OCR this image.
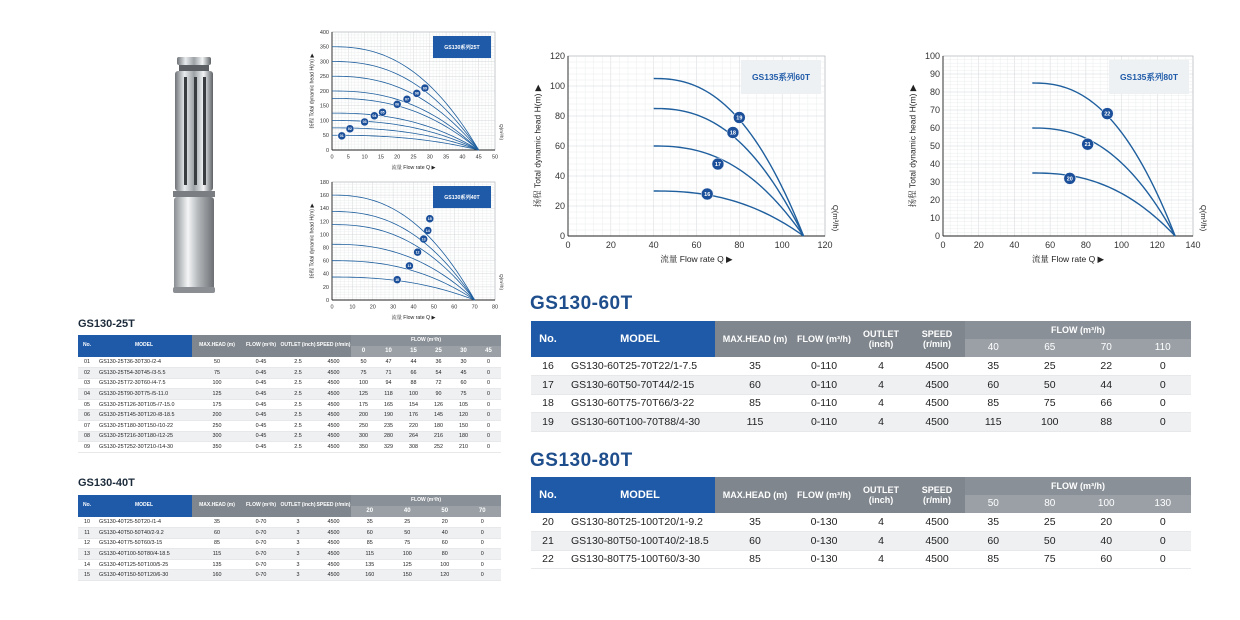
0 5 10 15 20 25 30 35 40 45 50
0
50
100
150
200
250
300
350
400
流量 Flow rate Q ▶
扬程 Total dynamic head H(m) ▶
Q(m³/h)
GS130系列25T
01
02
03
04
05
06
07
08
09
0	10	20	30	40	50	60	70	80
0
20
40
60
80
100
120
140
160
180
流量 Flow rate Q ▶
扬程 Total dynamic head H(m) ▶
Q(m³/h)
GS130系列40T
10
11
12
13
14
15
0	20	40	60	80	100	120
0
20
40
60
80
100
120
流量 Flow rate Q ▶
扬程 Total dynamic head H(m) ▶
Q(m³/h)
GS135系列60T
16
17
18
19
0	20	40	60	80	100 120 140
0
10
20
30
40
50
60
70
80
90
100
流量 Flow rate Q ▶
扬程 Total dynamic head H(m) ▶
Q(m³/h)
GS135系列80T
20
21
22
GS130-25T
GS130-40T
GS130-60T
GS130-80T
No.	MODEL	MAX.HEAD (m)	FLOW (m³/h)	OUTLET (inch)	SPEED (r/min)	FLOW (m³/h)					
						0	10	15	25	30	45
01	GS130-25T36-30T30-/2-4	50	0-45	2.5	4500	50	47	44	36	30	0
02	GS130-25T54-30T45-/3-5.5	75	0-45	2.5	4500	75	71	66	54	45	0
03	GS130-25T72-30T60-/4-7.5	100	0-45	2.5	4500	100	94	88	72	60	0
04	GS130-25T90-30T75-/5-11.0	125	0-45	2.5	4500	125	118	100	90	75	0
05	GS130-25T126-30T105-/7-15.0	175	0-45	2.5	4500	175	165	154	126	105	0
06	GS130-25T145-30T120-/8-18.5	200	0-45	2.5	4500	200	190	176	145	120	0
07	GS130-25T180-30T150-/10-22	250	0-45	2.5	4500	250	235	220	180	150	0
08	GS130-25T216-30T180-/12-25	300	0-45	2.5	4500	300	280	264	216	180	0
09	GS130-25T252-30T210-/14-30	350	0-45	2.5	4500	350	329	308	252	210	0
No.	MODEL	MAX.HEAD (m)	FLOW (m³/h)	OUTLET (inch)	SPEED (r/min)	FLOW (m³/h)			
						20	40	50	70
10	GS130-40T25-50T20-/1-4	35	0-70	3	4500	35	25	20	0
11	GS130-40T50-50T40/2-9.2	60	0-70	3	4500	60	50	40	0
12	GS130-40T75-50T60/3-15	85	0-70	3	4500	85	75	60	0
13	GS130-40T100-50T80/4-18.5	115	0-70	3	4500	115	100	80	0
14	GS130-40T125-50T100/5-25	135	0-70	3	4500	135	125	100	0
15	GS130-40T150-50T120/6-30	160	0-70	3	4500	160	150	120	0
No.	MODEL	MAX.HEAD (m)	FLOW (m³/h)	OUTLET (inch)	SPEED (r/min)	FLOW (m³/h)			
						40	65	70	110
16	GS130-60T25-70T22/1-7.5	35	0-110	4	4500	35	25	22	0
17	GS130-60T50-70T44/2-15	60	0-110	4	4500	60	50	44	0
18	GS130-60T75-70T66/3-22	85	0-110	4	4500	85	75	66	0
19	GS130-60T100-70T88/4-30	115	0-110	4	4500	115	100	88	0
No.	MODEL	MAX.HEAD (m)	FLOW (m³/h)	OUTLET (inch)	SPEED (r/min)	FLOW (m³/h)			
						50	80	100	130
20	GS130-80T25-100T20/1-9.2	35	0-130	4	4500	35	25	20	0
21	GS130-80T50-100T40/2-18.5	60	0-130	4	4500	60	50	40	0
22	GS130-80T75-100T60/3-30	85	0-130	4	4500	85	75	60	0
